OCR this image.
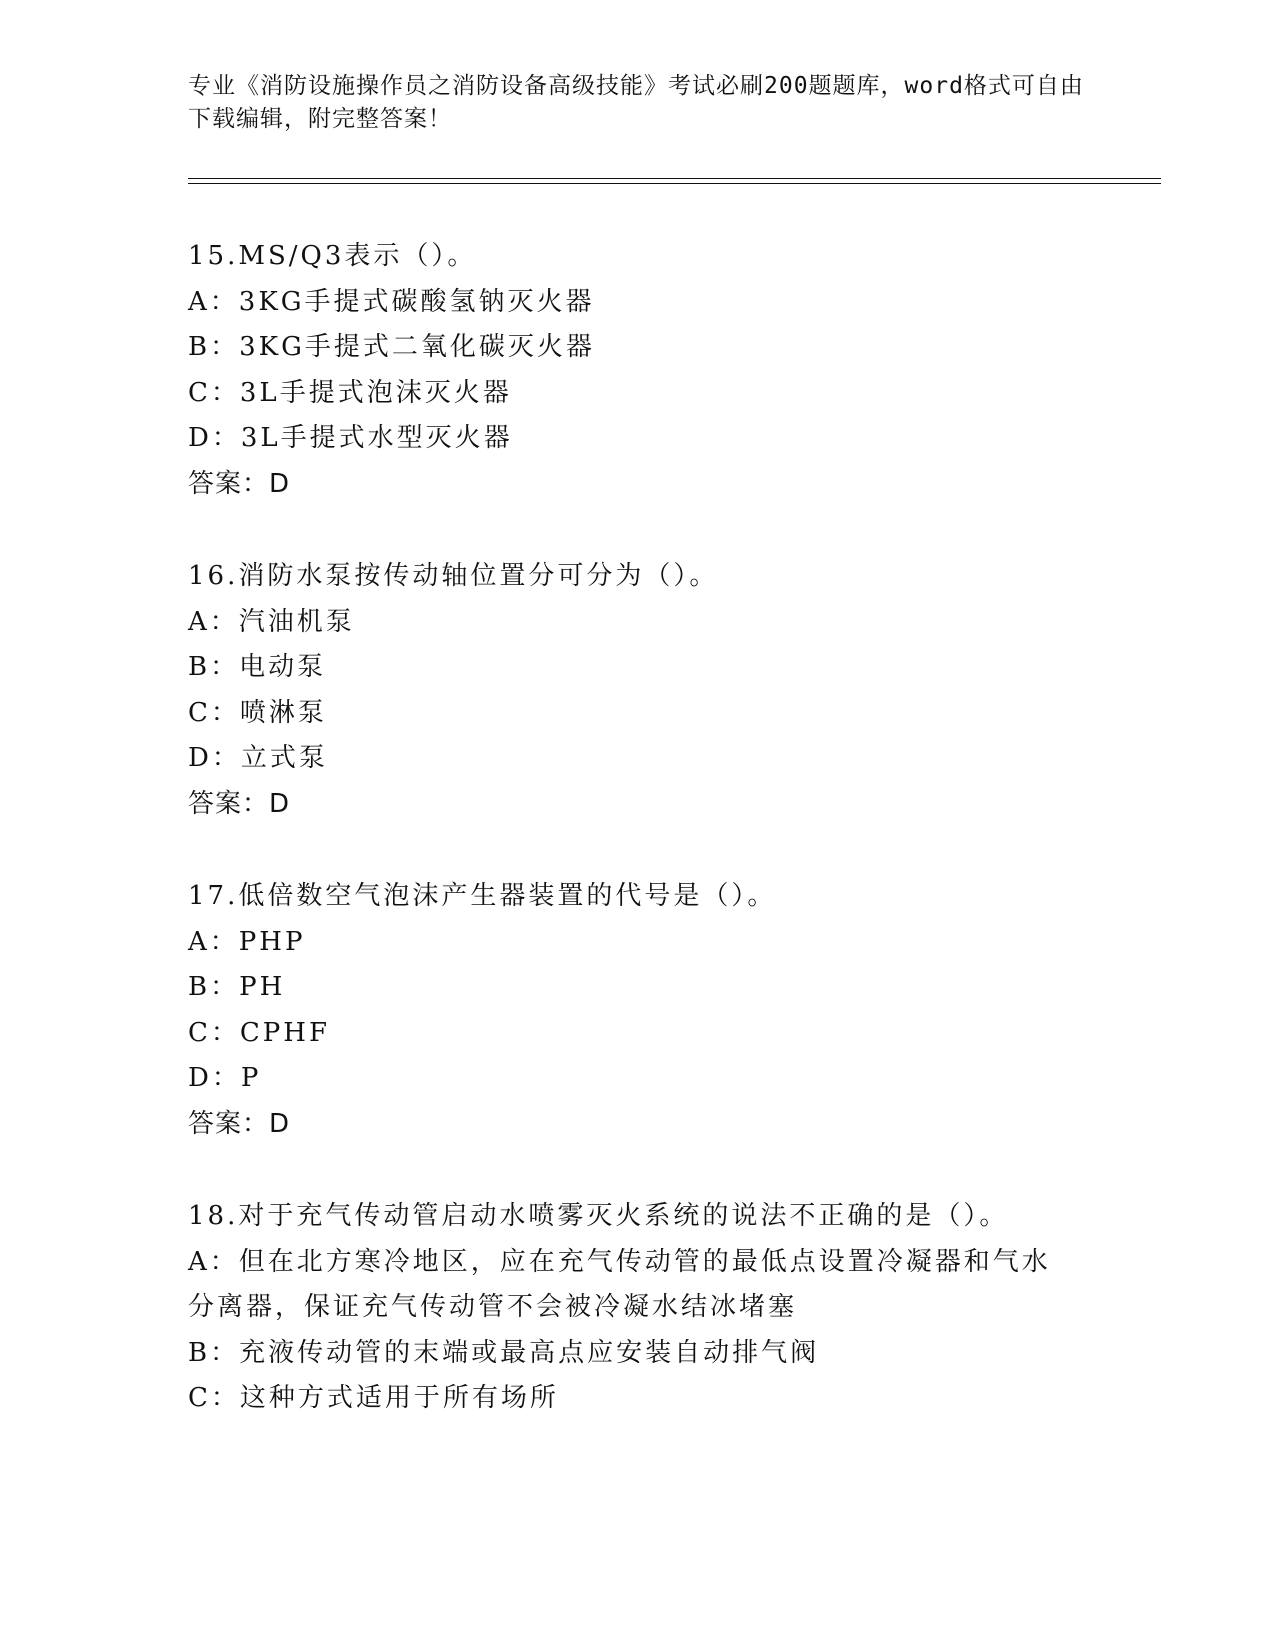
专业《消防设施操作员之消防设备高级技能》考试必刷200题题库，word格式可自由下载编辑，附完整答案！
15.MS/Q3表示（）。
A：3KG手提式碳酸氢钠灭火器
B：3KG手提式二氧化碳灭火器
C：3L手提式泡沫灭火器
D：3L手提式水型灭火器
答案：D
16.消防水泵按传动轴位置分可分为（）。
A：汽油机泵
B：电动泵
C：喷淋泵
D：立式泵
答案：D
17.低倍数空气泡沫产生器装置的代号是（）。
A：PHP
B：PH
C：CPHF
D：P
答案：D
18.对于充气传动管启动水喷雾灭火系统的说法不正确的是（）。
A：但在北方寒冷地区，应在充气传动管的最低点设置冷凝器和气水分离器，保证充气传动管不会被冷凝水结冰堵塞
B：充液传动管的末端或最高点应安装自动排气阀
C：这种方式适用于所有场所
